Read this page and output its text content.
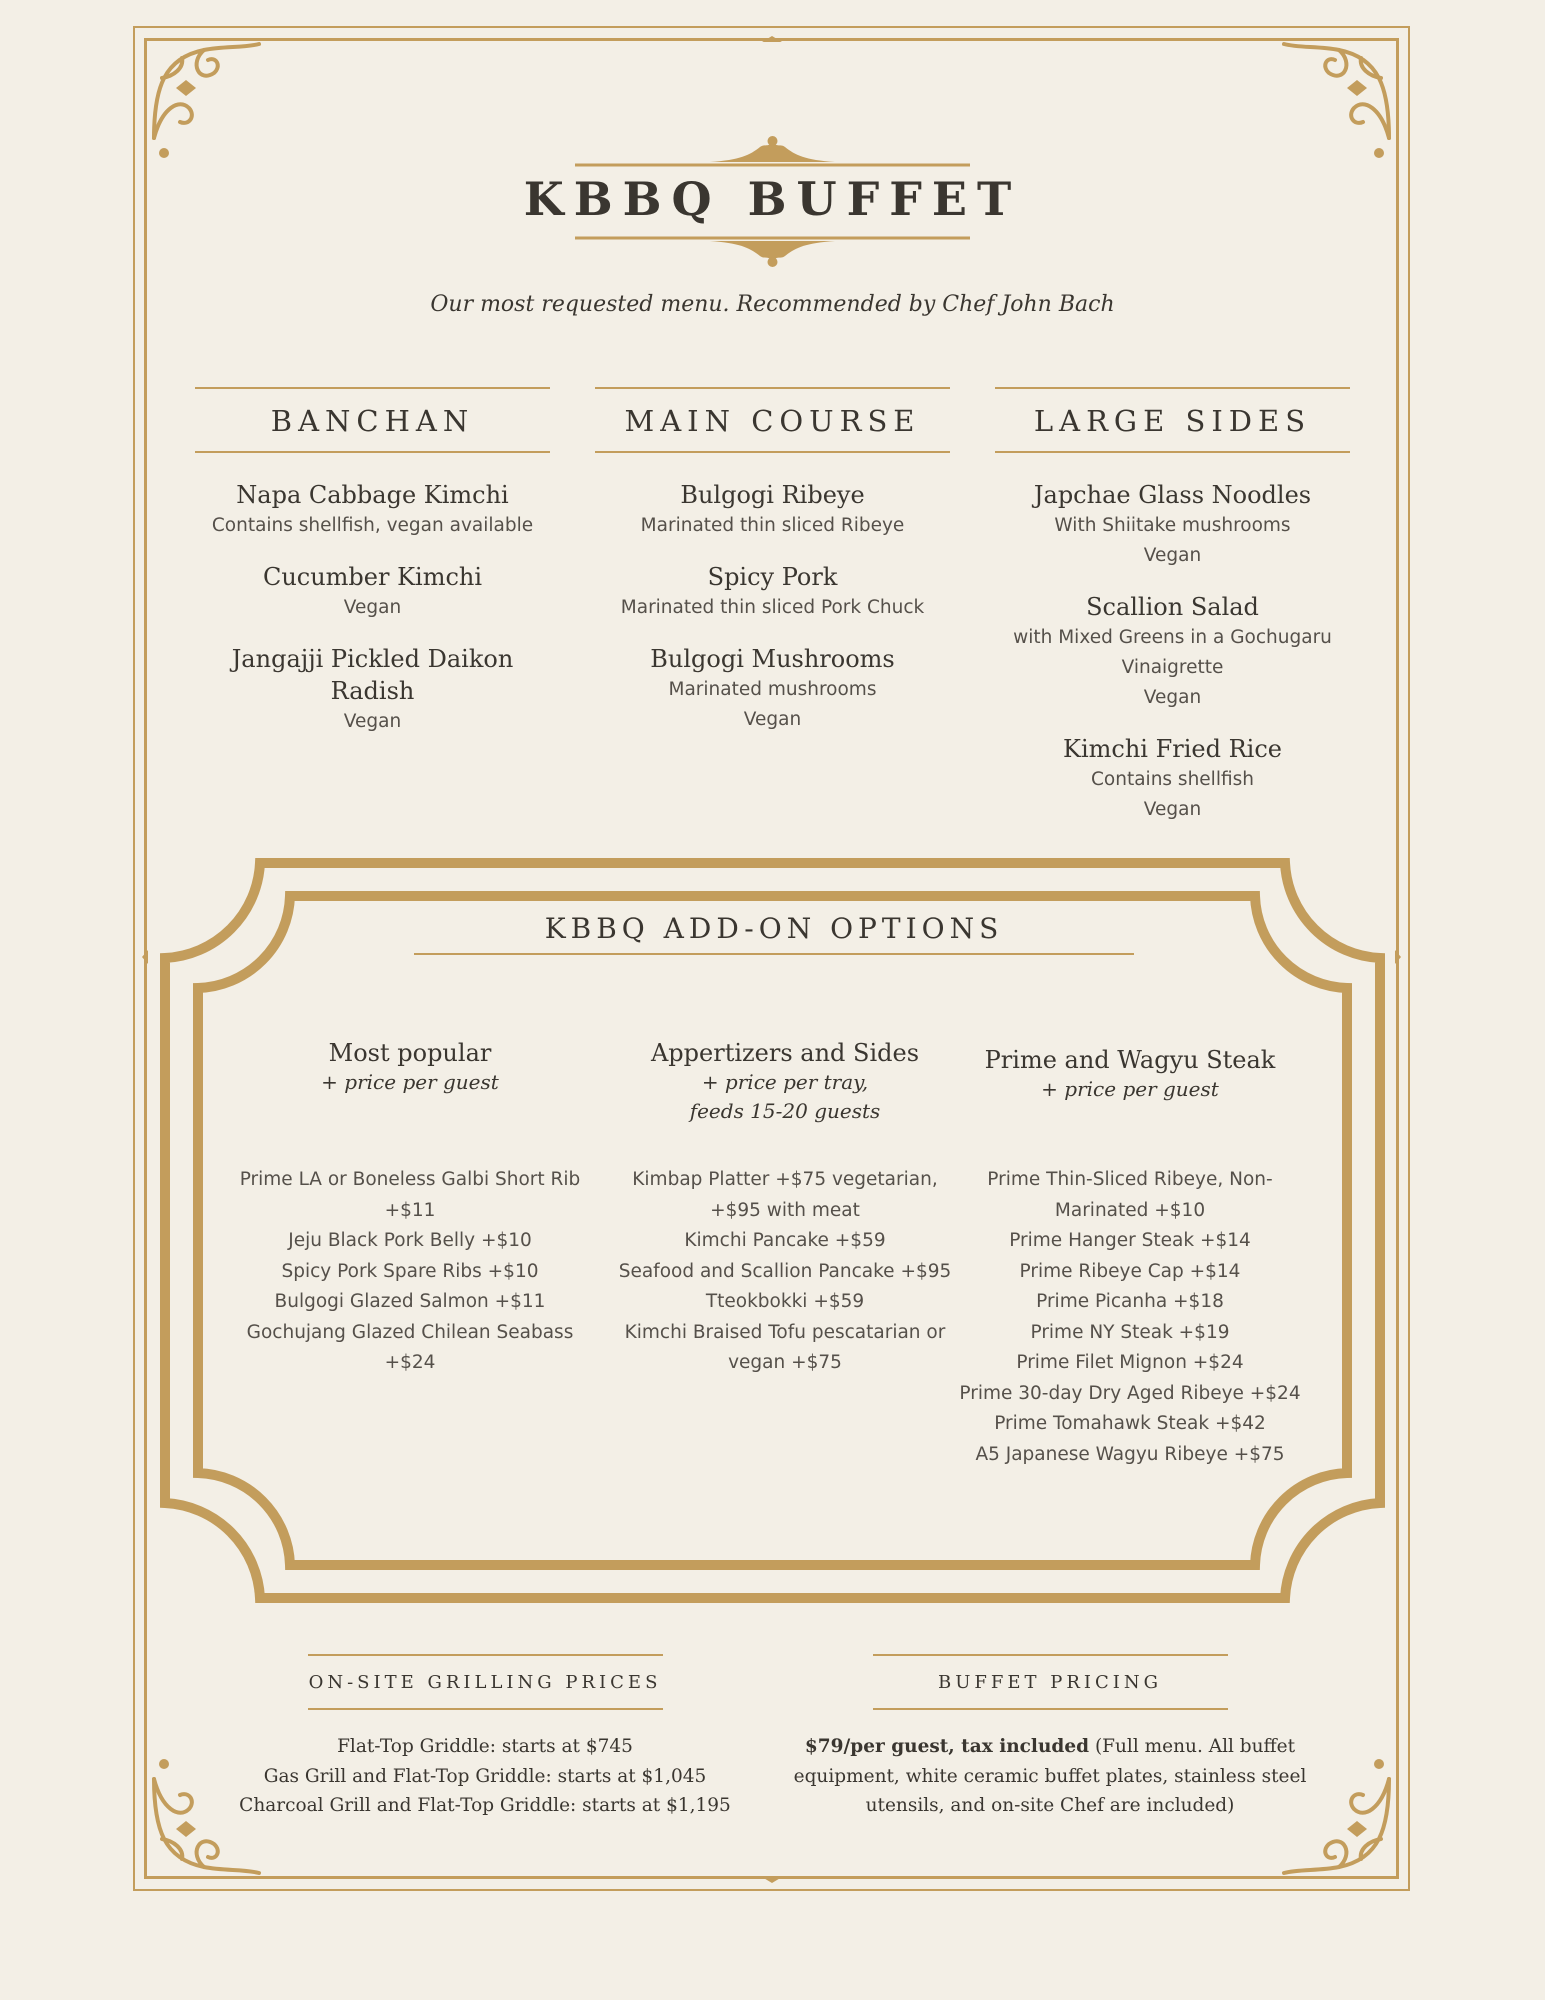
KBBQ BUFFET
Our most requested menu. Recommended by Chef John Bach
BANCHAN
Napa Cabbage Kimchi
Contains shellfish, vegan available
Cucumber Kimchi
Vegan
Jangajji Pickled Daikon Radish
Vegan
MAIN COURSE
Bulgogi Ribeye
Marinated thin sliced Ribeye
Spicy Pork
Marinated thin sliced Pork Chuck
Bulgogi Mushrooms
Marinated mushrooms
Vegan
LARGE SIDES
Japchae Glass Noodles
With Shiitake mushrooms
Vegan
Scallion Salad
with Mixed Greens in a Gochugaru
Vinaigrette
Vegan
Kimchi Fried Rice
Contains shellfish
Vegan
KBBQ ADD-ON OPTIONS
Most popular
+ price per guest
Prime LA or Boneless Galbi Short Rib
+$11
Jeju Black Pork Belly +$10
Spicy Pork Spare Ribs +$10
Bulgogi Glazed Salmon +$11
Gochujang Glazed Chilean Seabass
+$24
Appertizers and Sides
+ price per tray,
feeds 15-20 guests
Kimbap Platter +$75 vegetarian,
+$95 with meat
Kimchi Pancake +$59
Seafood and Scallion Pancake +$95
Tteokbokki +$59
Kimchi Braised Tofu pescatarian or
vegan +$75
Prime and Wagyu Steak
+ price per guest
Prime Thin-Sliced Ribeye, Non-
Marinated +$10
Prime Hanger Steak +$14
Prime Ribeye Cap +$14
Prime Picanha +$18
Prime NY Steak +$19
Prime Filet Mignon +$24
Prime 30-day Dry Aged Ribeye +$24
Prime Tomahawk Steak +$42
A5 Japanese Wagyu Ribeye +$75
ON-SITE GRILLING PRICES
Flat-Top Griddle: starts at $745
Gas Grill and Flat-Top Griddle: starts at $1,045
Charcoal Grill and Flat-Top Griddle: starts at $1,195
BUFFET PRICING
$79/per guest, tax included (Full menu. All buffet
equipment, white ceramic buffet plates, stainless steel
utensils, and on-site Chef are included)
